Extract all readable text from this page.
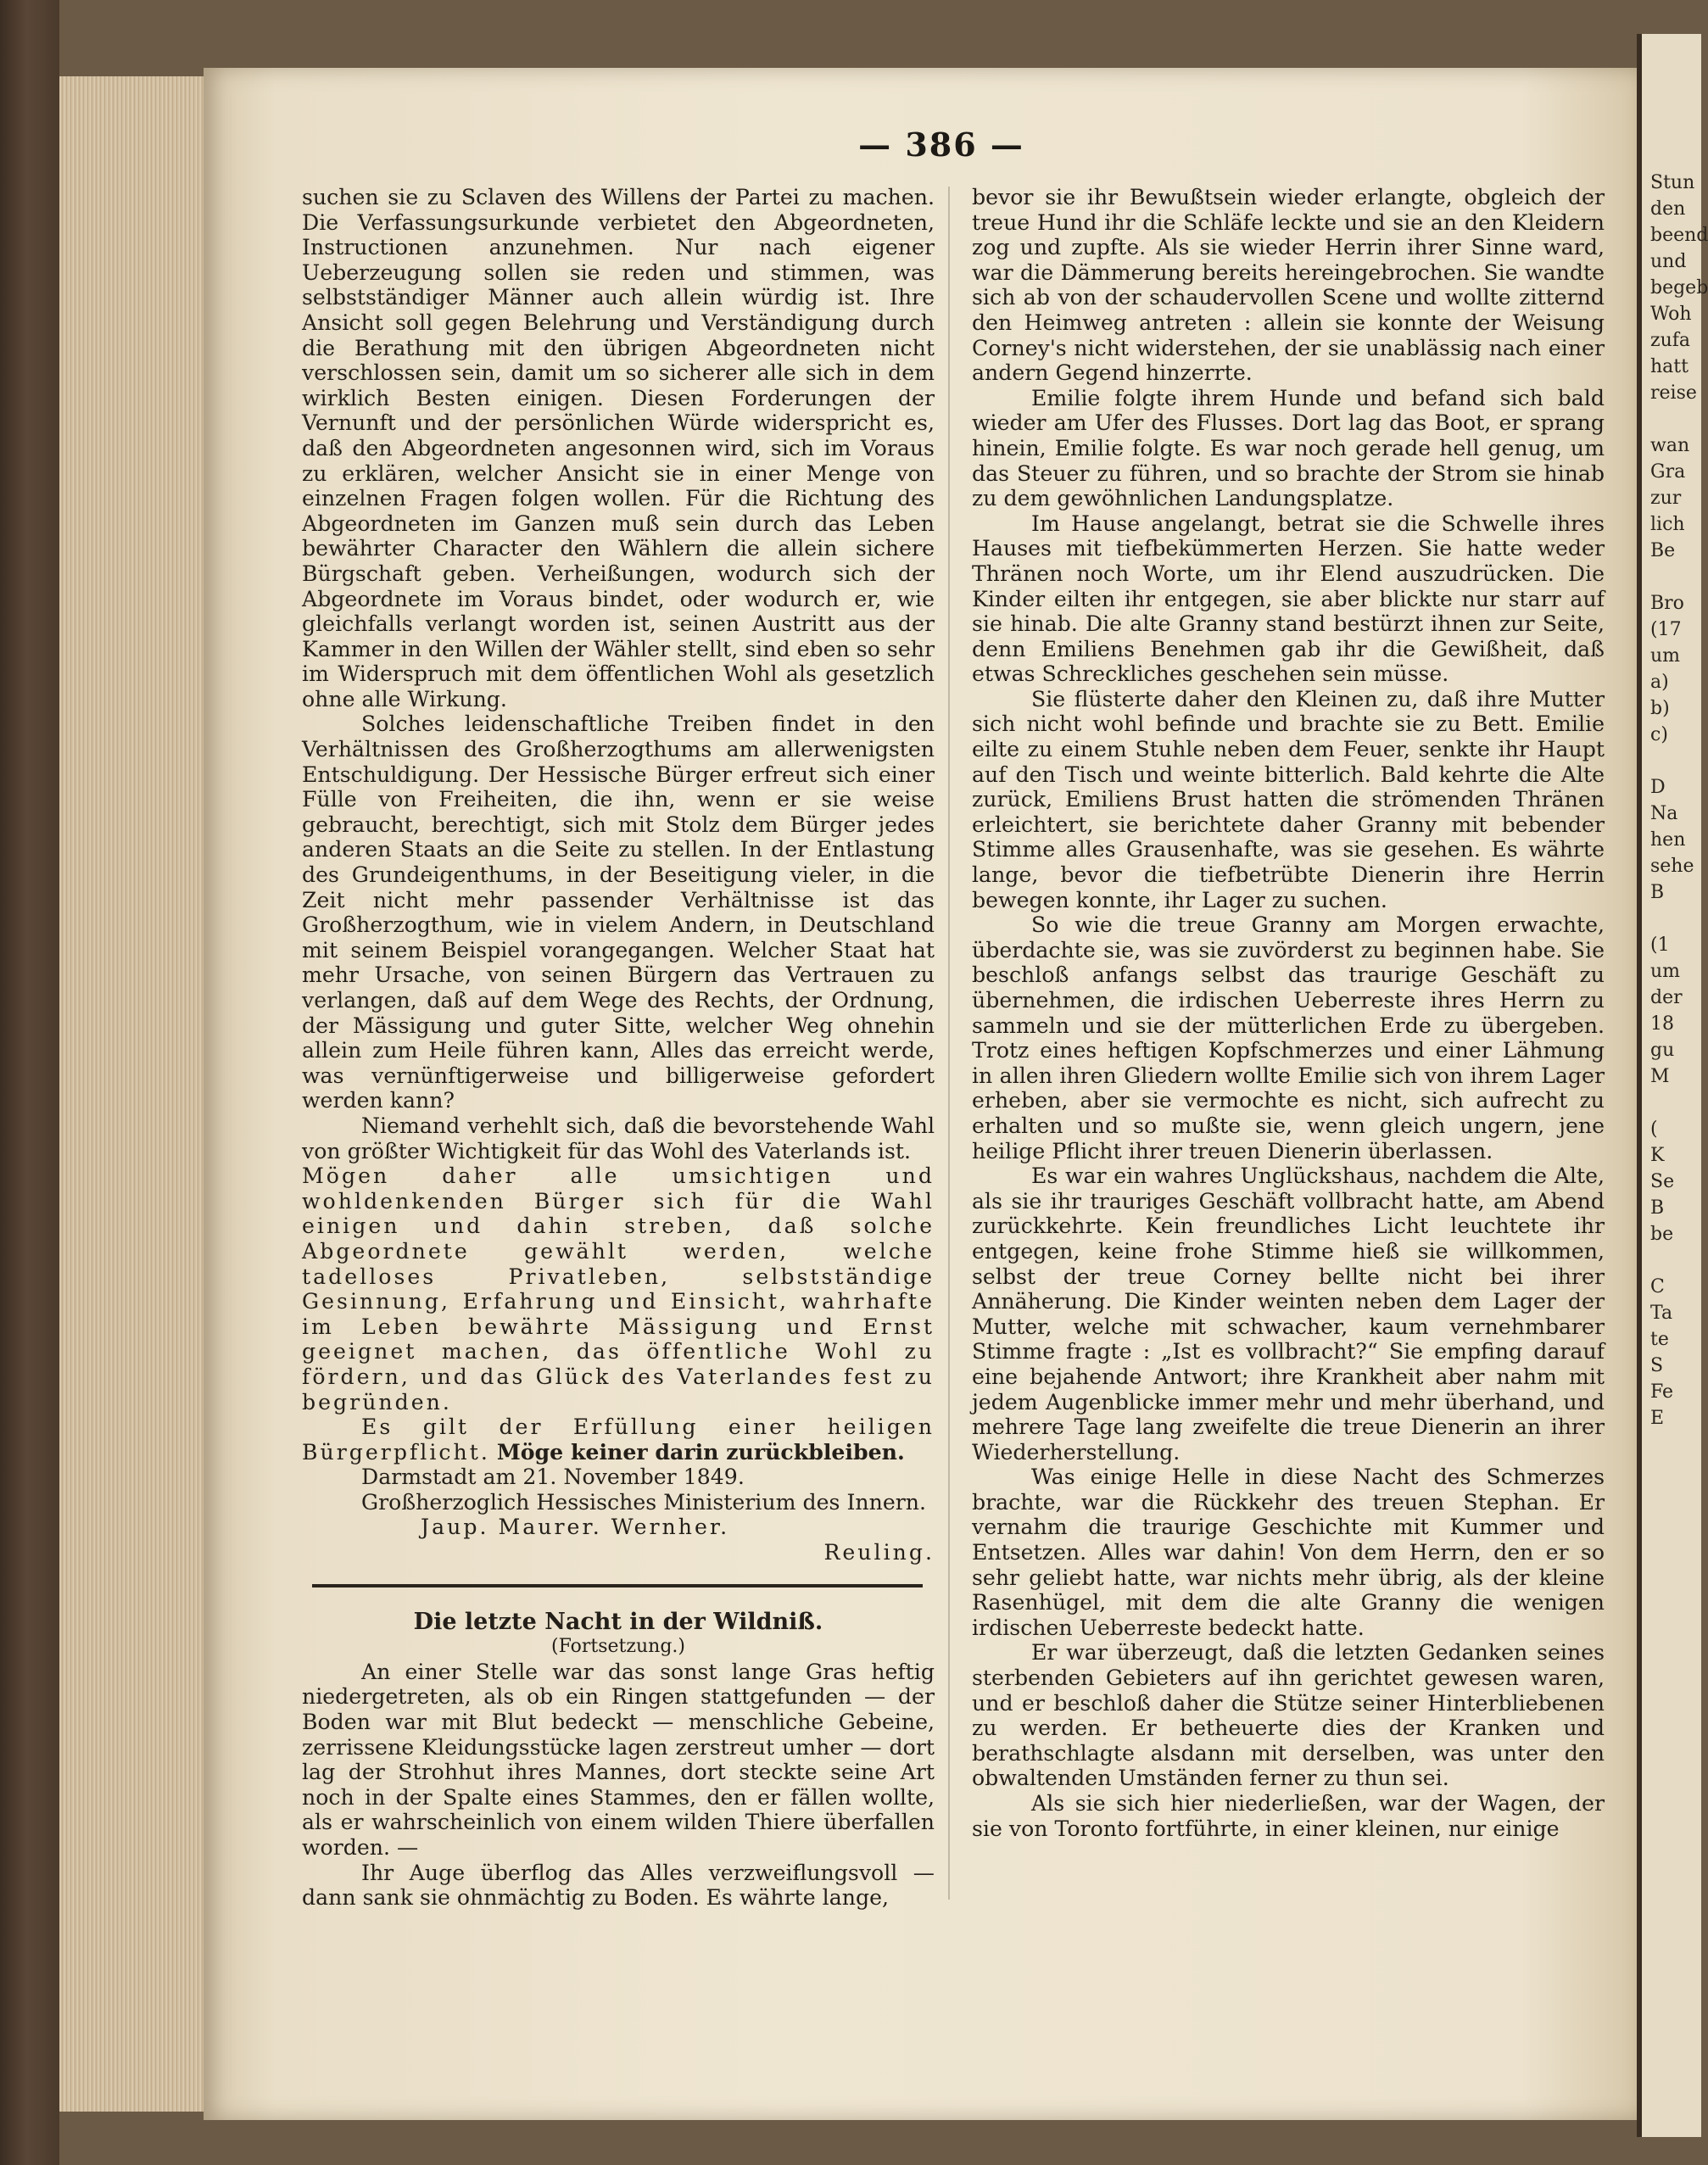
Stun
den
beend
und
begeb
Woh
zufa
hatt
reise

wan
Gra
zur
lich
Be

Bro
(17
um
a)
b)
c)

D
Na
hen
sehe
B

(1
um
der
18
gu
M

(
K
Se
B
be

C
Ta
te
S
Fe
E
— 386 —

suchen sie zu Sclaven des Willens der Partei zu machen. Die Verfassungsurkunde verbietet den Abgeordneten, Instructionen anzunehmen. Nur nach eigener Ueberzeugung sollen sie reden und stimmen, was selbstständiger Männer auch allein würdig ist. Ihre Ansicht soll gegen Belehrung und Verständigung durch die Berathung mit den übrigen Abgeordneten nicht verschlossen sein, damit um so sicherer alle sich in dem wirklich Besten einigen. Diesen Forderungen der Vernunft und der persönlichen Würde widerspricht es, daß den Abgeordneten angesonnen wird, sich im Voraus zu erklären, welcher Ansicht sie in einer Menge von einzelnen Fragen folgen wollen. Für die Richtung des Abgeordneten im Ganzen muß sein durch das Leben bewährter Character den Wählern die allein sichere Bürgschaft geben. Verheißungen, wodurch sich der Abgeordnete im Voraus bindet, oder wodurch er, wie gleichfalls verlangt worden ist, seinen Austritt aus der Kammer in den Willen der Wähler stellt, sind eben so sehr im Widerspruch mit dem öffentlichen Wohl als gesetzlich ohne alle Wirkung.

Solches leidenschaftliche Treiben findet in den Verhältnissen des Großherzogthums am allerwenigsten Entschuldigung. Der Hessische Bürger erfreut sich einer Fülle von Freiheiten, die ihn, wenn er sie weise gebraucht, berechtigt, sich mit Stolz dem Bürger jedes anderen Staats an die Seite zu stellen. In der Entlastung des Grundeigenthums, in der Beseitigung vieler, in die Zeit nicht mehr passender Verhältnisse ist das Großherzogthum, wie in vielem Andern, in Deutschland mit seinem Beispiel vorangegangen. Welcher Staat hat mehr Ursache, von seinen Bürgern das Vertrauen zu verlangen, daß auf dem Wege des Rechts, der Ordnung, der Mässigung und guter Sitte, welcher Weg ohnehin allein zum Heile führen kann, Alles das erreicht werde, was vernünftigerweise und billigerweise gefordert werden kann?

Niemand verhehlt sich, daß die bevorstehende Wahl von größter Wichtigkeit für das Wohl des Vaterlands ist.

Mögen daher alle umsichtigen und wohldenkenden Bürger sich für die Wahl einigen und dahin streben, daß solche Abgeordnete gewählt werden, welche tadelloses Privatleben, selbstständige Gesinnung, Erfahrung und Einsicht, wahrhafte im Leben bewährte Mässigung und Ernst geeignet machen, das öffentliche Wohl zu fördern, und das Glück des Vaterlandes fest zu begründen.

Es gilt der Erfüllung einer heiligen Bürgerpflicht. Möge keiner darin zurückbleiben.

Darmstadt am 21. November 1849.

Großherzoglich Hessisches Ministerium des Innern.

Jaup. Maurer. Wernher.

Reuling.

Die letzte Nacht in der Wildniß.

(Fortsetzung.)

An einer Stelle war das sonst lange Gras heftig niedergetreten, als ob ein Ringen stattgefunden — der Boden war mit Blut bedeckt — menschliche Gebeine, zerrissene Kleidungsstücke lagen zerstreut umher — dort lag der Strohhut ihres Mannes, dort steckte seine Art noch in der Spalte eines Stammes, den er fällen wollte, als er wahrscheinlich von einem wilden Thiere überfallen worden. —

Ihr Auge überflog das Alles verzweiflungsvoll — dann sank sie ohnmächtig zu Boden. Es währte lange,

bevor sie ihr Bewußtsein wieder erlangte, obgleich der treue Hund ihr die Schläfe leckte und sie an den Kleidern zog und zupfte. Als sie wieder Herrin ihrer Sinne ward, war die Dämmerung bereits hereingebrochen. Sie wandte sich ab von der schaudervollen Scene und wollte zitternd den Heimweg antreten : allein sie konnte der Weisung Corney's nicht widerstehen, der sie unablässig nach einer andern Gegend hinzerrte.

Emilie folgte ihrem Hunde und befand sich bald wieder am Ufer des Flusses. Dort lag das Boot, er sprang hinein, Emilie folgte. Es war noch gerade hell genug, um das Steuer zu führen, und so brachte der Strom sie hinab zu dem gewöhnlichen Landungsplatze.

Im Hause angelangt, betrat sie die Schwelle ihres Hauses mit tiefbekümmerten Herzen. Sie hatte weder Thränen noch Worte, um ihr Elend auszudrücken. Die Kinder eilten ihr entgegen, sie aber blickte nur starr auf sie hinab. Die alte Granny stand bestürzt ihnen zur Seite, denn Emiliens Benehmen gab ihr die Gewißheit, daß etwas Schreckliches geschehen sein müsse.

Sie flüsterte daher den Kleinen zu, daß ihre Mutter sich nicht wohl befinde und brachte sie zu Bett. Emilie eilte zu einem Stuhle neben dem Feuer, senkte ihr Haupt auf den Tisch und weinte bitterlich. Bald kehrte die Alte zurück, Emiliens Brust hatten die strömenden Thränen erleichtert, sie berichtete daher Granny mit bebender Stimme alles Grausenhafte, was sie gesehen. Es währte lange, bevor die tiefbetrübte Dienerin ihre Herrin bewegen konnte, ihr Lager zu suchen.

So wie die treue Granny am Morgen erwachte, überdachte sie, was sie zuvörderst zu beginnen habe. Sie beschloß anfangs selbst das traurige Geschäft zu übernehmen, die irdischen Ueberreste ihres Herrn zu sammeln und sie der mütterlichen Erde zu übergeben. Trotz eines heftigen Kopfschmerzes und einer Lähmung in allen ihren Gliedern wollte Emilie sich von ihrem Lager erheben, aber sie vermochte es nicht, sich aufrecht zu erhalten und so mußte sie, wenn gleich ungern, jene heilige Pflicht ihrer treuen Dienerin überlassen.

Es war ein wahres Unglückshaus, nachdem die Alte, als sie ihr trauriges Geschäft vollbracht hatte, am Abend zurückkehrte. Kein freundliches Licht leuchtete ihr entgegen, keine frohe Stimme hieß sie willkommen, selbst der treue Corney bellte nicht bei ihrer Annäherung. Die Kinder weinten neben dem Lager der Mutter, welche mit schwacher, kaum vernehmbarer Stimme fragte : „Ist es vollbracht?“ Sie empfing darauf eine bejahende Antwort; ihre Krankheit aber nahm mit jedem Augenblicke immer mehr und mehr überhand, und mehrere Tage lang zweifelte die treue Dienerin an ihrer Wiederherstellung.

Was einige Helle in diese Nacht des Schmerzes brachte, war die Rückkehr des treuen Stephan. Er vernahm die traurige Geschichte mit Kummer und Entsetzen. Alles war dahin! Von dem Herrn, den er so sehr geliebt hatte, war nichts mehr übrig, als der kleine Rasenhügel, mit dem die alte Granny die wenigen irdischen Ueberreste bedeckt hatte.

Er war überzeugt, daß die letzten Gedanken seines sterbenden Gebieters auf ihn gerichtet gewesen waren, und er beschloß daher die Stütze seiner Hinterbliebenen zu werden. Er betheuerte dies der Kranken und berathschlagte alsdann mit derselben, was unter den obwaltenden Umständen ferner zu thun sei.

Als sie sich hier niederließen, war der Wagen, der sie von Toronto fortführte, in einer kleinen, nur einige
